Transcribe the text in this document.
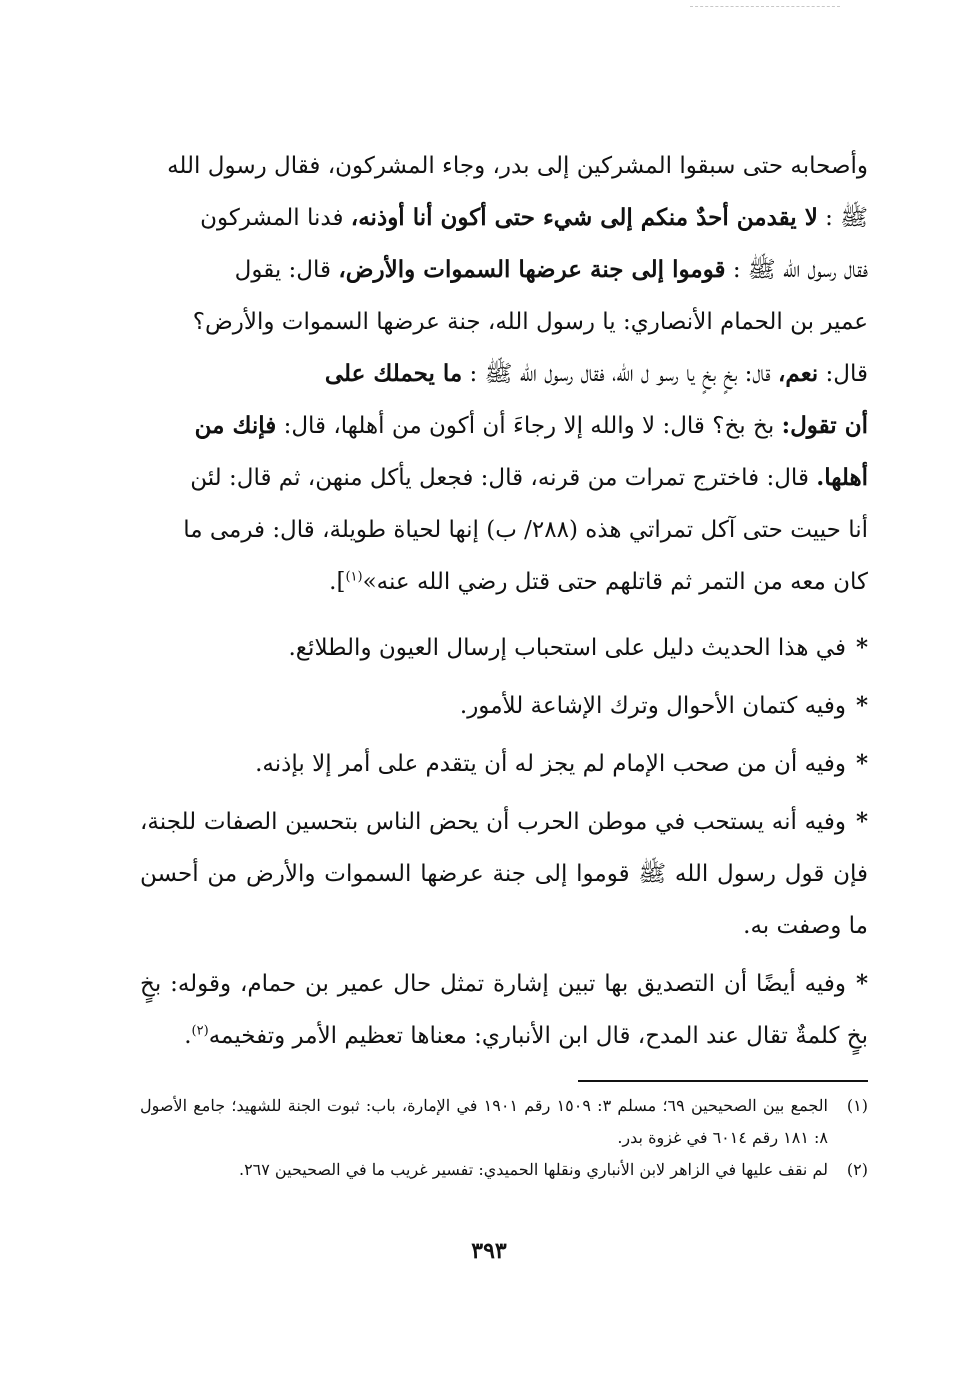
وأصحابه حتى سبقوا المشركين إلى بدر، وجاء المشركون، فقال رسول الله

ﷺ : لا يقدمن أحدٌ منكم إلى شيء حتى أكون أنا أوذنه، فدنا المشركون

فقال رسول الله ﷺ : قوموا إلى جنة عرضها السموات والأرض، قال: يقول

عمير بن الحمام الأنصاري: يا رسول الله، جنة عرضها السموات والأرض؟

قال: نعم، قال: بخٍ بخٍ يا رسو ل الله، فقال رسول الله ﷺ : ما يحملك على

أن تقول: بخ بخ؟ قال: لا والله إلا رجاءَ أن أكون من أهلها، قال: فإنك من

أهلها. قال: فاخترج تمرات من قرنه، قال: فجعل يأكل منهن، ثم قال: لئن

أنا حييت حتى آكل تمراتي هذه (٢٨٨/ ب) إنها لحياة طويلة، قال: فرمى ما

كان معه من التمر ثم قاتلهم حتى قتل رضي الله عنه»$^{(١)}$].

*في هذا الحديث دليل على استحباب إرسال العيون والطلائع.

*وفيه كتمان الأحوال وترك الإشاعة للأمور.

*وفيه أن من صحب الإمام لم يجز له أن يتقدم على أمر إلا بإذنه.

*وفيه أنه يستحب في موطن الحرب أن يحض الناس بتحسين الصفات للجنة، فإن قول رسول الله ﷺ قوموا إلى جنة عرضها السموات والأرض من أحسن ما وصفت به.

*وفيه أيضًا أن التصديق بها تبين إشارة تمثل حال عمير بن حمام، وقوله: بخٍ بخٍ كلمةٌ تقال عند المدح، قال ابن الأنباري: معناها تعظيم الأمر وتفخيمه$^{(٢)}$.

(١)
الجمع بين الصحيحين ٦٩؛ مسلم ٣: ١٥٠٩ رقم ١٩٠١ في الإمارة، باب: ثبوت الجنة للشهيد؛ جامع الأصول ٨: ١٨١ رقم ٦٠١٤ في غزوة بدر.

(٢)
لم نقف عليها في الزاهر لابن الأنباري ونقلها الحميدي: تفسير غريب ما في الصحيحين ٢٦٧.

٣٩٣
